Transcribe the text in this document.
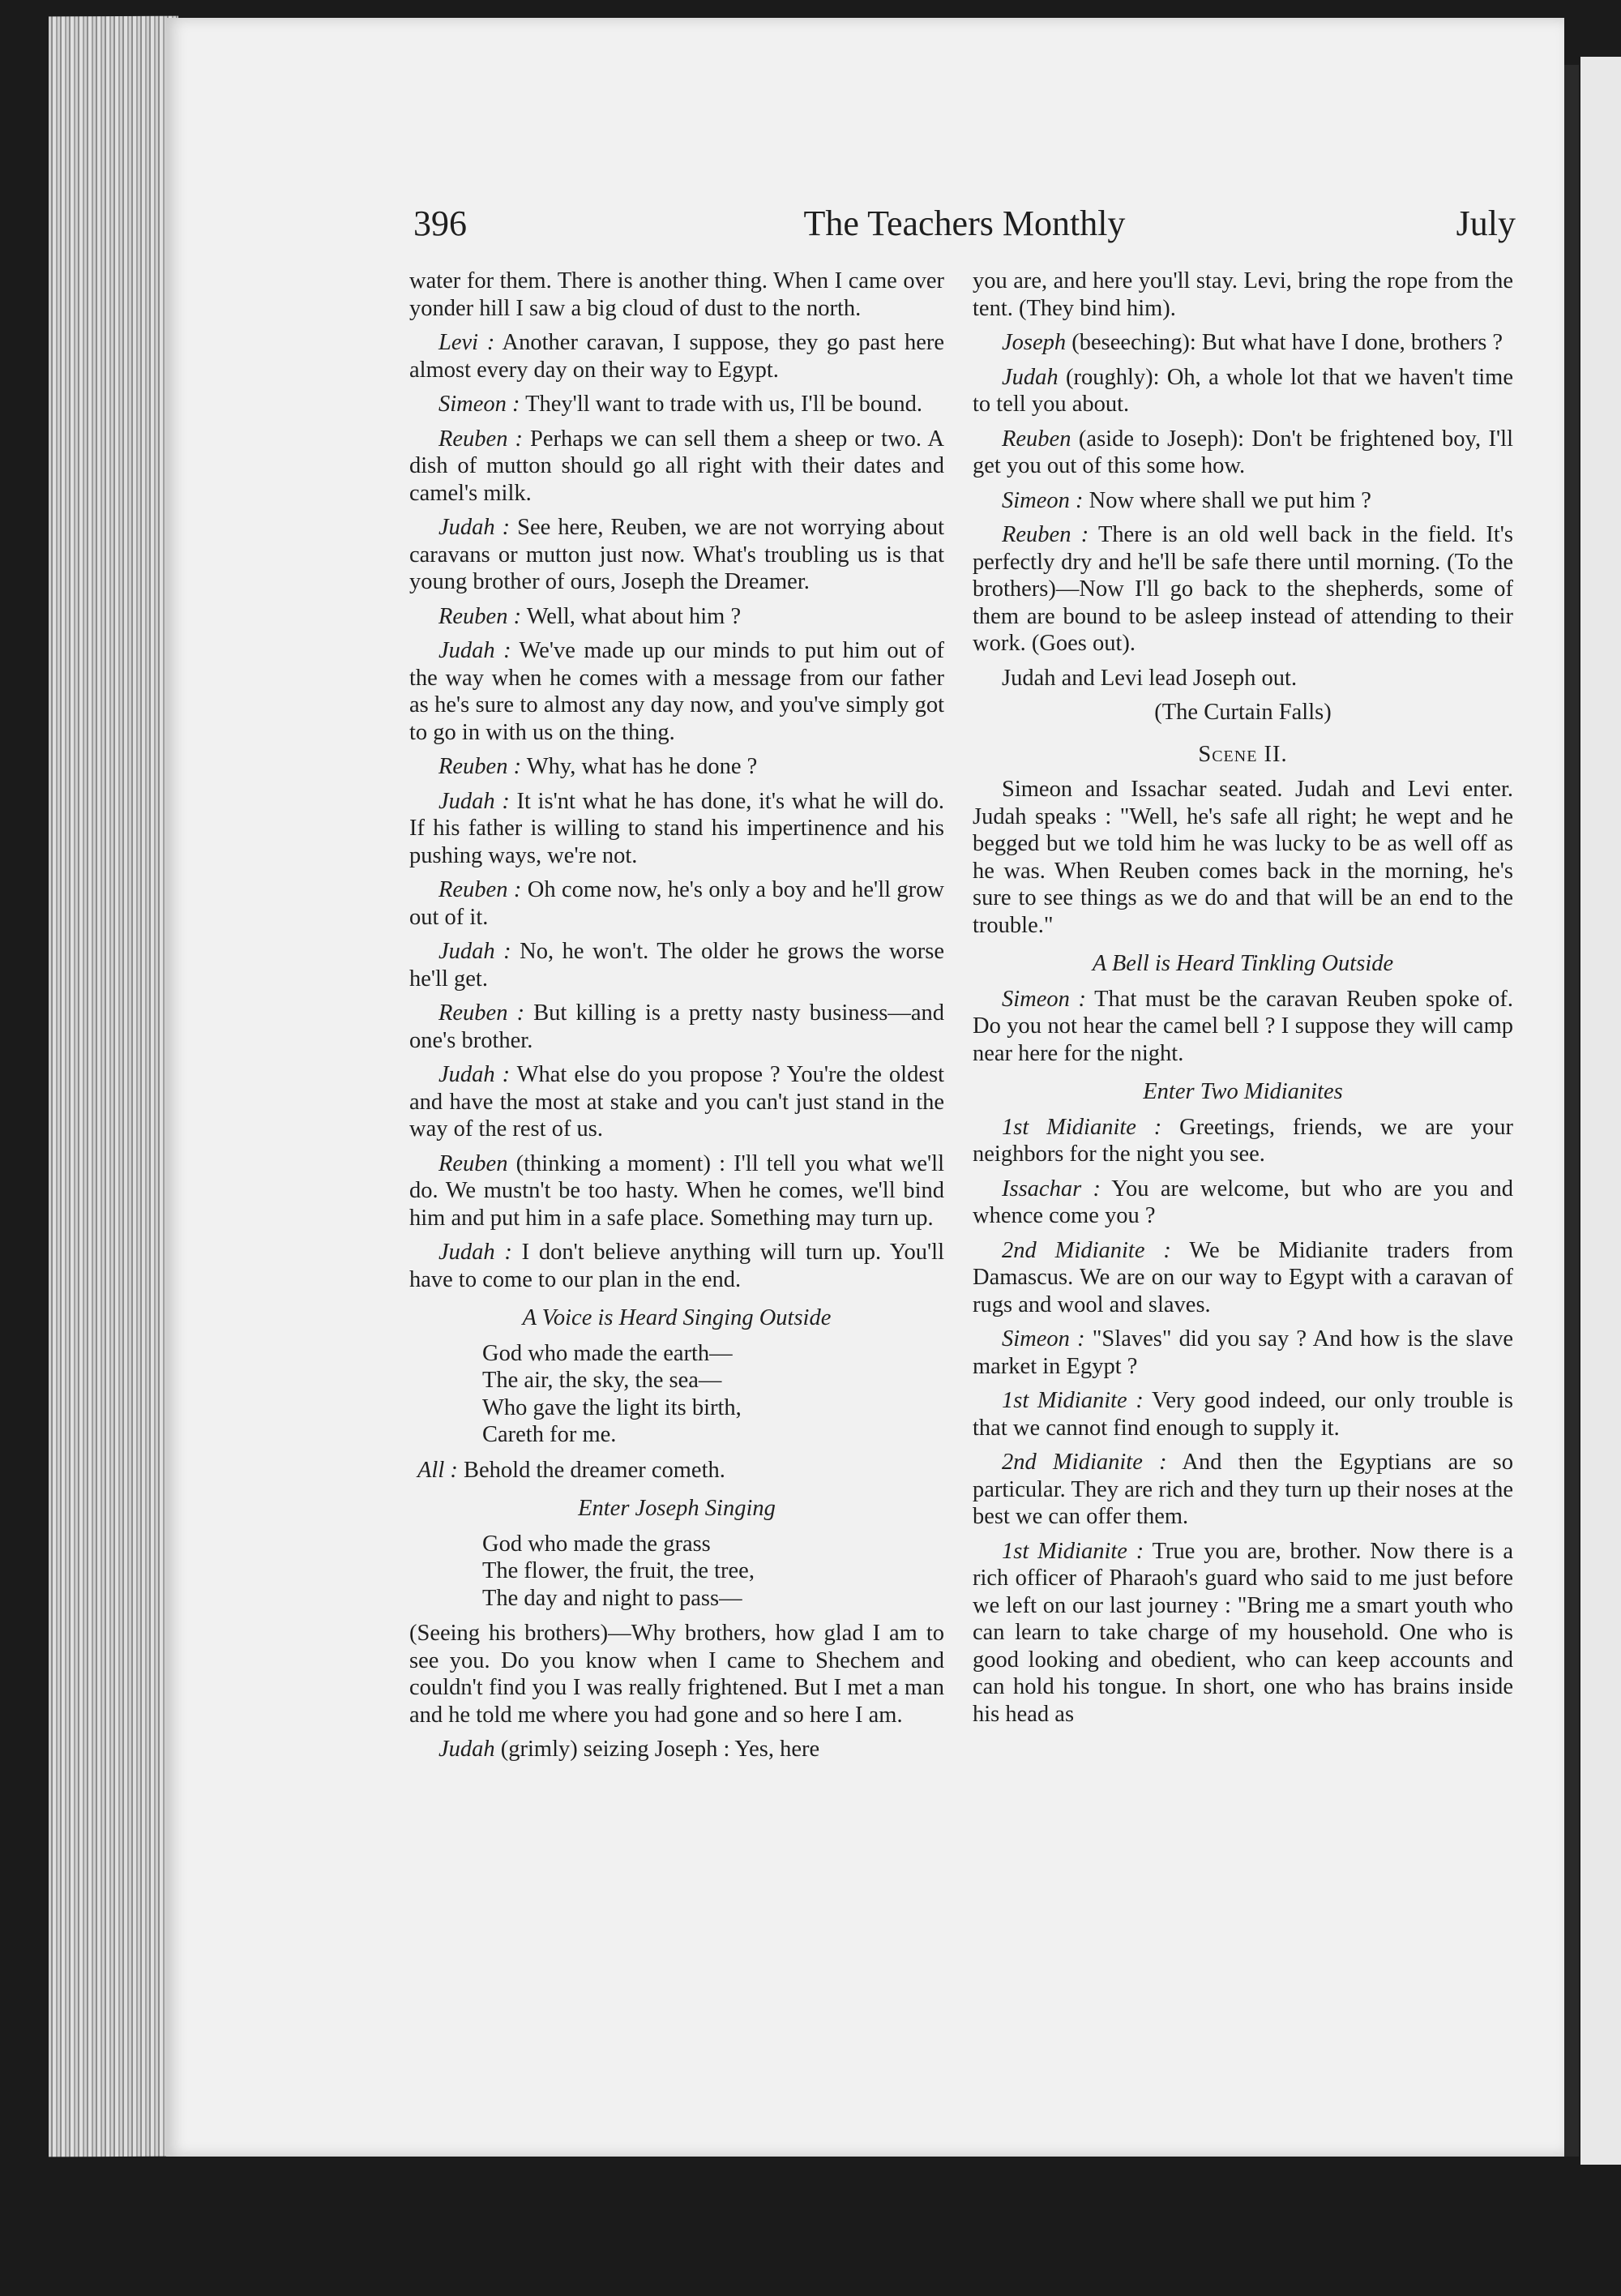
396	The Teachers Monthly	July

water for them. There is another thing. When I came over yonder hill I saw a big cloud of dust to the north.

Levi : Another caravan, I suppose, they go past here almost every day on their way to Egypt.

Simeon : They'll want to trade with us, I'll be bound.

Reuben : Perhaps we can sell them a sheep or two. A dish of mutton should go all right with their dates and camel's milk.

Judah : See here, Reuben, we are not worrying about caravans or mutton just now. What's troubling us is that young brother of ours, Joseph the Dreamer.

Reuben : Well, what about him ?

Judah : We've made up our minds to put him out of the way when he comes with a message from our father as he's sure to almost any day now, and you've simply got to go in with us on the thing.

Reuben : Why, what has he done ?

Judah : It is'nt what he has done, it's what he will do. If his father is willing to stand his impertinence and his pushing ways, we're not.

Reuben : Oh come now, he's only a boy and he'll grow out of it.

Judah : No, he won't. The older he grows the worse he'll get.

Reuben : But killing is a pretty nasty business—and one's brother.

Judah : What else do you propose ? You're the oldest and have the most at stake and you can't just stand in the way of the rest of us.

Reuben (thinking a moment) : I'll tell you what we'll do. We mustn't be too hasty. When he comes, we'll bind him and put him in a safe place. Something may turn up.

Judah : I don't believe anything will turn up. You'll have to come to our plan in the end.

A Voice is Heard Singing Outside
God who made the earth—
The air, the sky, the sea—
Who gave the light its birth,
Careth for me.

All : Behold the dreamer cometh.

Enter Joseph Singing
God who made the grass
The flower, the fruit, the tree,
The day and night to pass—

(Seeing his brothers)—Why brothers, how glad I am to see you. Do you know when I came to Shechem and couldn't find you I was really frightened. But I met a man and he told me where you had gone and so here I am.

Judah (grimly) seizing Joseph : Yes, here

you are, and here you'll stay. Levi, bring the rope from the tent. (They bind him).

Joseph (beseeching): But what have I done, brothers ?

Judah (roughly): Oh, a whole lot that we haven't time to tell you about.

Reuben (aside to Joseph): Don't be frightened boy, I'll get you out of this some how.

Simeon : Now where shall we put him ?

Reuben : There is an old well back in the field. It's perfectly dry and he'll be safe there until morning. (To the brothers)—Now I'll go back to the shepherds, some of them are bound to be asleep instead of attending to their work. (Goes out).

Judah and Levi lead Joseph out.

(The Curtain Falls)
Scene II.

Simeon and Issachar seated. Judah and Levi enter. Judah speaks : "Well, he's safe all right; he wept and he begged but we told him he was lucky to be as well off as he was. When Reuben comes back in the morning, he's sure to see things as we do and that will be an end to the trouble."

A Bell is Heard Tinkling Outside

Simeon : That must be the caravan Reuben spoke of. Do you not hear the camel bell ? I suppose they will camp near here for the night.

Enter Two Midianites

1st Midianite : Greetings, friends, we are your neighbors for the night you see.

Issachar : You are welcome, but who are you and whence come you ?

2nd Midianite : We be Midianite traders from Damascus. We are on our way to Egypt with a caravan of rugs and wool and slaves.

Simeon : "Slaves" did you say ? And how is the slave market in Egypt ?

1st Midianite : Very good indeed, our only trouble is that we cannot find enough to supply it.

2nd Midianite : And then the Egyptians are so particular. They are rich and they turn up their noses at the best we can offer them.

1st Midianite : True you are, brother. Now there is a rich officer of Pharaoh's guard who said to me just before we left on our last journey : "Bring me a smart youth who can learn to take charge of my household. One who is good looking and obedient, who can keep accounts and can hold his tongue. In short, one who has brains inside his head as
